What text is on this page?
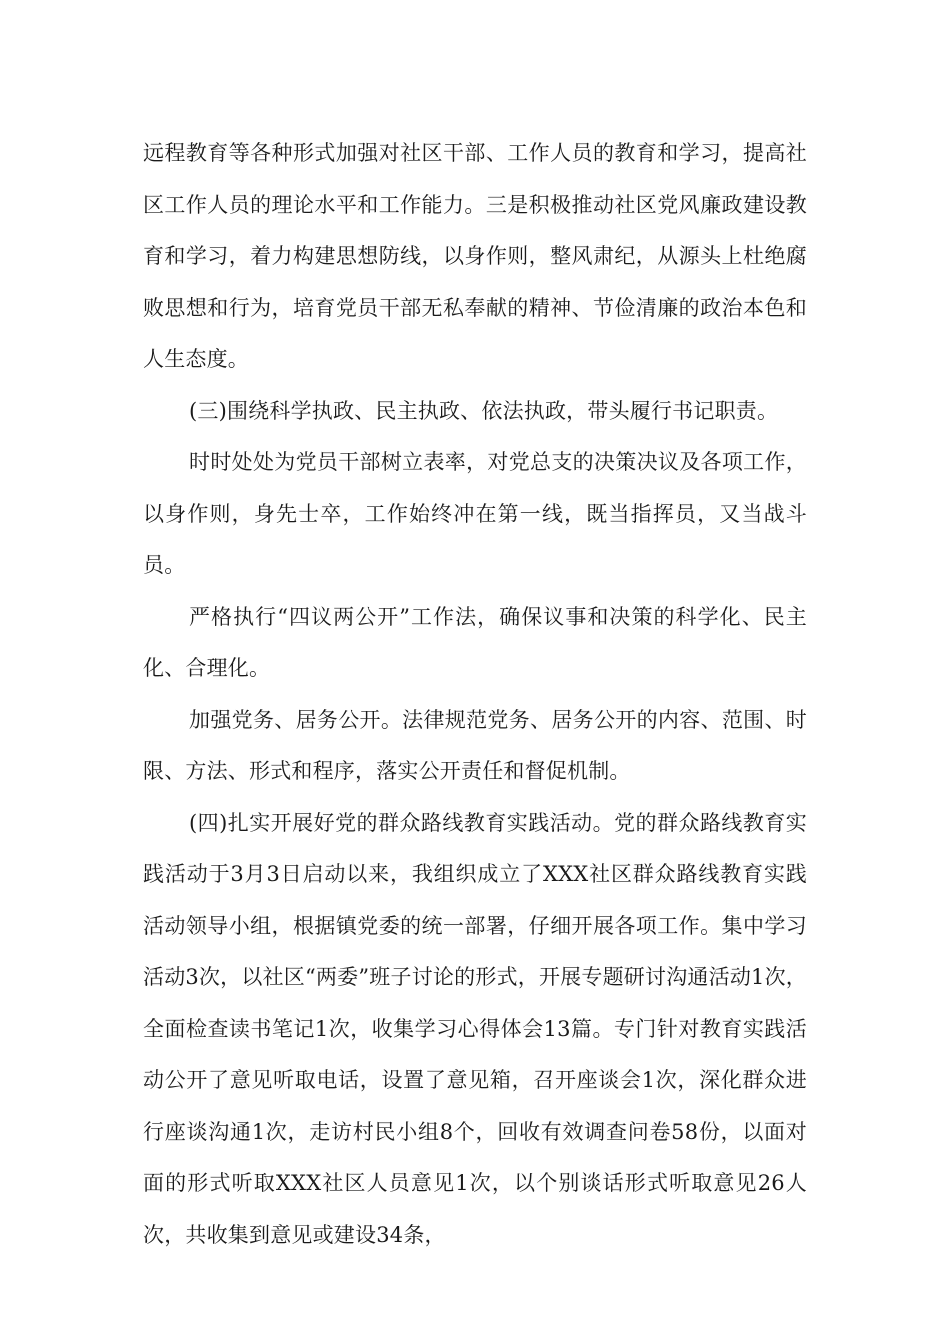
远程教育等各种形式加强对社区干部、工作人员的教育和学习，提高社区工作人员的理论水平和工作能力。三是积极推动社区党风廉政建设教育和学习，着力构建思想防线，以身作则，整风肃纪，从源头上杜绝腐败思想和行为，培育党员干部无私奉献的精神、节俭清廉的政治本色和人生态度。

(三)围绕科学执政、民主执政、依法执政，带头履行书记职责。

时时处处为党员干部树立表率，对党总支的决策决议及各项工作，以身作则，身先士卒，工作始终冲在第一线，既当指挥员，又当战斗员。

严格执行“四议两公开”工作法，确保议事和决策的科学化、民主化、合理化。

加强党务、居务公开。法律规范党务、居务公开的内容、范围、时限、方法、形式和程序，落实公开责任和督促机制。

(四)扎实开展好党的群众路线教育实践活动。党的群众路线教育实践活动于3月3日启动以来，我组织成立了XXX社区群众路线教育实践活动领导小组，根据镇党委的统一部署，仔细开展各项工作。集中学习活动3次，以社区“两委”班子讨论的形式，开展专题研讨沟通活动1次，全面检查读书笔记1次，收集学习心得体会13篇。专门针对教育实践活动公开了意见听取电话，设置了意见箱，召开座谈会1次，深化群众进行座谈沟通1次，走访村民小组8个，回收有效调查问卷58份，以面对面的形式听取XXX社区人员意见1次，以个别谈话形式听取意见26人次，共收集到意见或建设34条，
